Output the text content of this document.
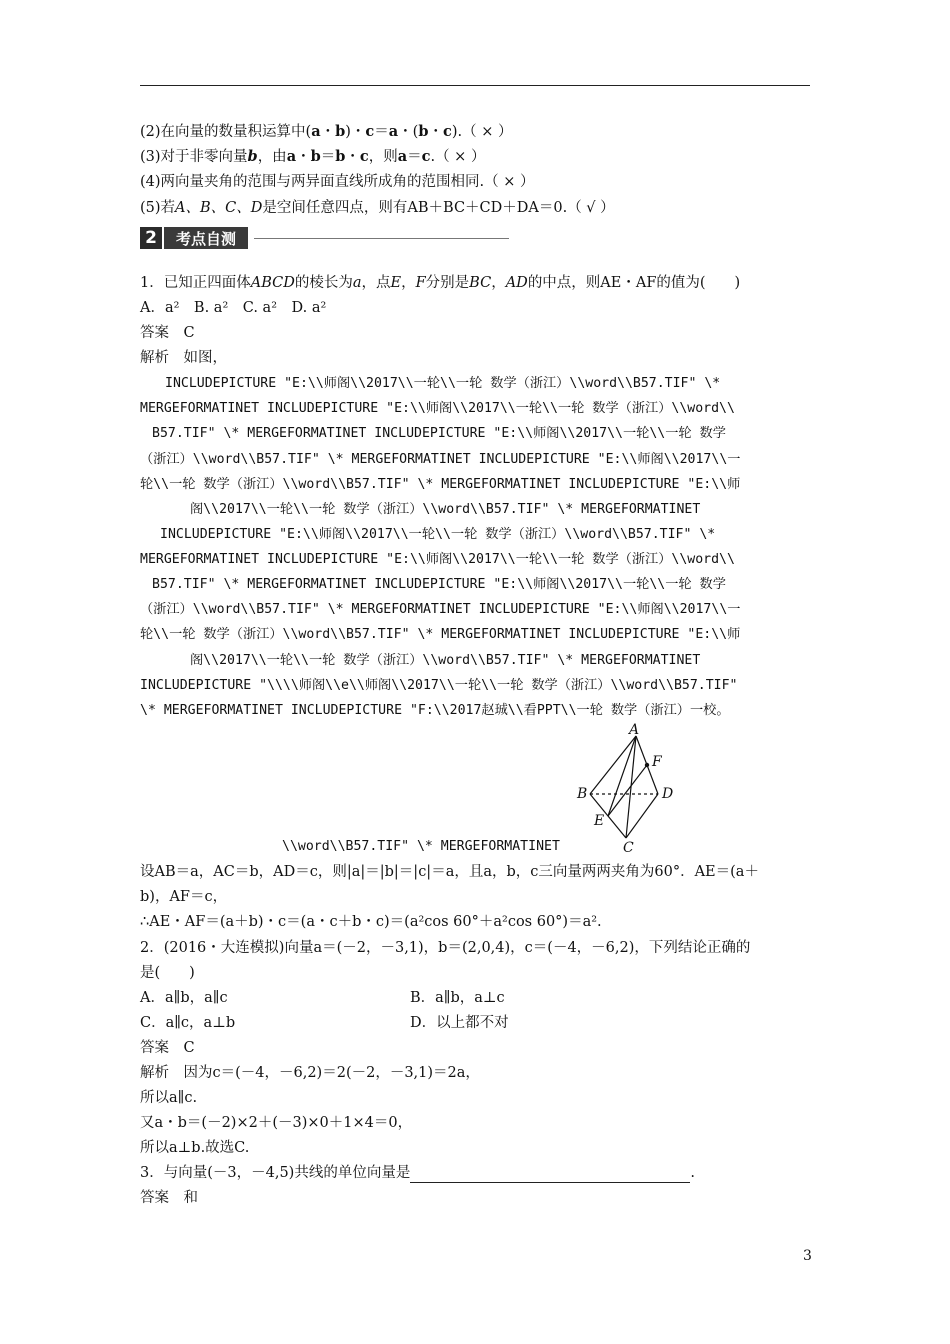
(2)在向量的数量积运算中(a・b)・c＝a・(b・c).（ × ）
(3)对于非零向量b，由a・b＝b・c，则a＝c.（ × ）
(4)两向量夹角的范围与两异面直线所成角的范围相同.（ × ）
(5)若A、B、C、D是空间任意四点，则有AB＋BC＋CD＋DA＝0.（ √ ）
2	考点自测
1．已知正四面体ABCD的棱长为a，点E，F分别是BC，AD的中点，则AE・AF的值为(　　)
A．a²　B. a²　C. a²　D. a²
答案　C
解析　如图，
INCLUDEPICTURE "E:\\师阁\\2017\\一轮\\一轮 数学（浙江）\\word\\B57.TIF" \*
MERGEFORMATINET INCLUDEPICTURE "E:\\师阁\\2017\\一轮\\一轮 数学（浙江）\\word\\
B57.TIF" \* MERGEFORMATINET INCLUDEPICTURE "E:\\师阁\\2017\\一轮\\一轮 数学
（浙江）\\word\\B57.TIF" \* MERGEFORMATINET INCLUDEPICTURE "E:\\师阁\\2017\\一
轮\\一轮 数学（浙江）\\word\\B57.TIF" \* MERGEFORMATINET INCLUDEPICTURE "E:\\师
阁\\2017\\一轮\\一轮 数学（浙江）\\word\\B57.TIF" \* MERGEFORMATINET
INCLUDEPICTURE "E:\\师阁\\2017\\一轮\\一轮 数学（浙江）\\word\\B57.TIF" \*
MERGEFORMATINET INCLUDEPICTURE "E:\\师阁\\2017\\一轮\\一轮 数学（浙江）\\word\\
B57.TIF" \* MERGEFORMATINET INCLUDEPICTURE "E:\\师阁\\2017\\一轮\\一轮 数学
（浙江）\\word\\B57.TIF" \* MERGEFORMATINET INCLUDEPICTURE "E:\\师阁\\2017\\一
轮\\一轮 数学（浙江）\\word\\B57.TIF" \* MERGEFORMATINET INCLUDEPICTURE "E:\\师
阁\\2017\\一轮\\一轮 数学（浙江）\\word\\B57.TIF" \* MERGEFORMATINET
INCLUDEPICTURE "\\\\师阁\\e\\师阁\\2017\\一轮\\一轮 数学（浙江）\\word\\B57.TIF"
\* MERGEFORMATINET INCLUDEPICTURE "F:\\2017赵珹\\看PPT\\一轮 数学（浙江）一校。
A
B	D
F
E
C
\\word\\B57.TIF" \* MERGEFORMATINET
设AB＝a，AC＝b，AD＝c，则|a|＝|b|＝|c|＝a，且a，b，c三向量两两夹角为60°．AE＝(a＋
b)，AF＝c，
∴AE・AF＝(a＋b)・c＝(a・c＋b・c)＝(a²cos 60°＋a²cos 60°)＝a².
2．(2016・大连模拟)向量a＝(－2，－3,1)，b＝(2,0,4)，c＝(－4，－6,2)，下列结论正确的
是(　　)
A．a∥b，a∥c	B．a∥b，a⊥c
C．a∥c，a⊥b	D．以上都不对
答案　C
解析　因为c＝(－4，－6,2)＝2(－2，－3,1)＝2a，
所以a∥c.
又a・b＝(－2)×2＋(－3)×0＋1×4＝0，
所以a⊥b.故选C.
3．与向量(－3，－4,5)共线的单位向量是	.
答案　和
3
